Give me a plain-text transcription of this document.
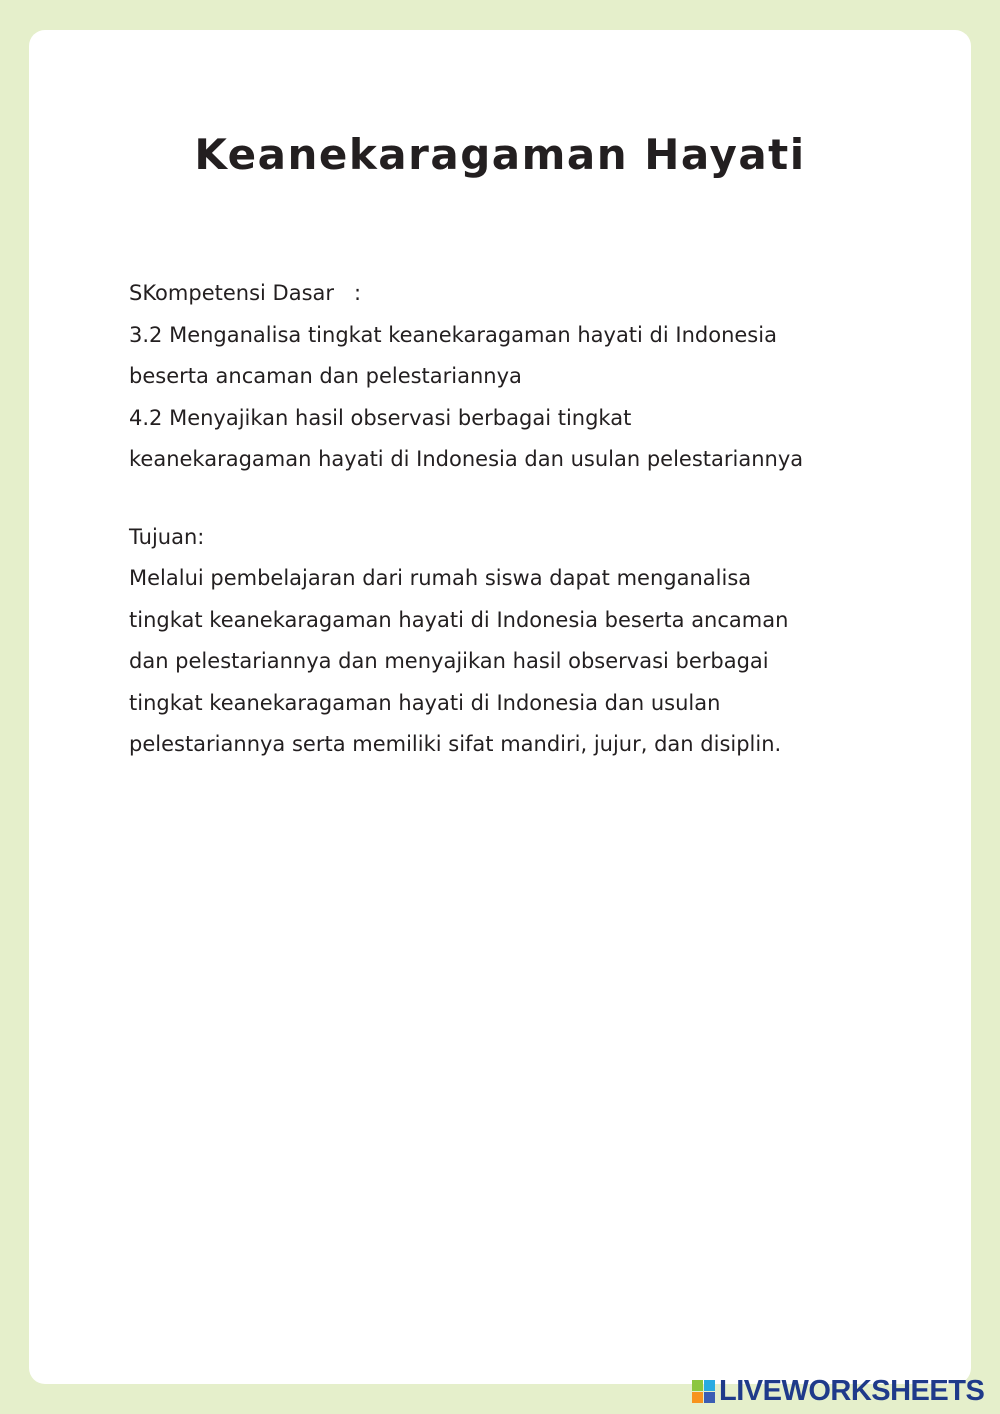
Keanekaragaman Hayati
SKompetensi Dasar   :
3.2 Menganalisa tingkat keanekaragaman hayati di Indonesia
beserta ancaman dan pelestariannya
4.2 Menyajikan hasil observasi berbagai tingkat
keanekaragaman hayati di Indonesia dan usulan pelestariannya
Tujuan:
Melalui pembelajaran dari rumah siswa dapat menganalisa
tingkat keanekaragaman hayati di Indonesia beserta ancaman
dan pelestariannya dan menyajikan hasil observasi berbagai
tingkat keanekaragaman hayati di Indonesia dan usulan
pelestariannya serta memiliki sifat mandiri, jujur, dan disiplin.
LIVEWORKSHEETS
